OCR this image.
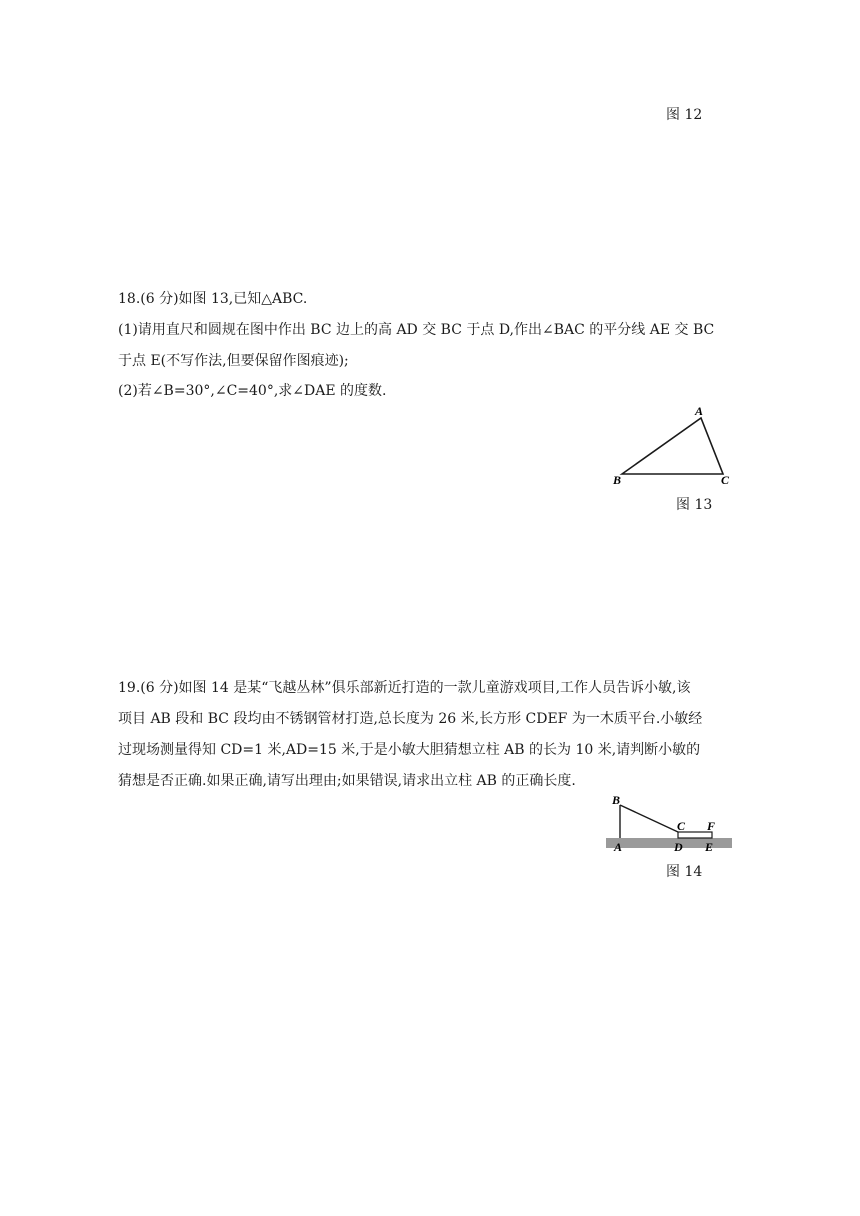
图 12
18.(6 分)如图 13,已知△ABC.
(1)请用直尺和圆规在图中作出 BC 边上的高 AD 交 BC 于点 D,作出∠BAC 的平分线 AE 交 BC
于点 E(不写作法,但要保留作图痕迹);
(2)若∠B=30°,∠C=40°,求∠DAE 的度数.
A
B	C
图 13
19.(6 分)如图 14 是某“飞越丛林”俱乐部新近打造的一款儿童游戏项目,工作人员告诉小敏,该
项目 AB 段和 BC 段均由不锈钢管材打造,总长度为 26 米,长方形 CDEF 为一木质平台.小敏经
过现场测量得知 CD=1 米,AD=15 米,于是小敏大胆猜想立柱 AB 的长为 10 米,请判断小敏的
猜想是否正确.如果正确,请写出理由;如果错误,请求出立柱 AB 的正确长度.
B
C F
A	D E
图 14
